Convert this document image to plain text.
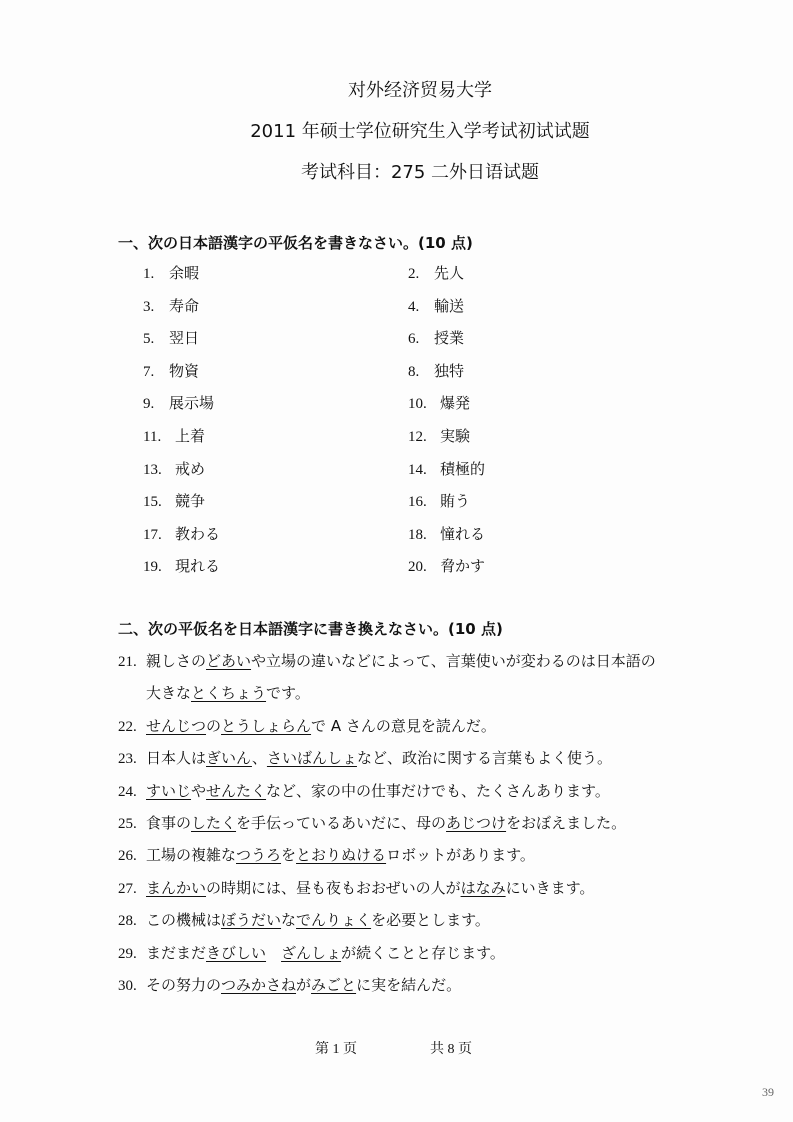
对外经济贸易大学
2011 年硕士学位研究生入学考试初试试题
考试科目：275 二外日语试题
一、次の日本語漢字の平仮名を書きなさい。(10 点)
1. 余暇	2. 先人
3. 寿命	4. 輸送
5. 翌日	6. 授業
7. 物資	8. 独特
9. 展示場	10. 爆発
11. 上着	12. 実験
13. 戒め	14. 積極的
15. 競争	16. 賄う
17. 教わる	18. 憧れる
19. 現れる	20. 脅かす
二、次の平仮名を日本語漢字に書き換えなさい。(10 点)
21. 親しさのどあいや立場の違いなどによって、言葉使いが変わるのは日本語の
大きなとくちょうです。
22. せんじつのとうしょらんで A さんの意見を読んだ。
23. 日本人はぎいん、さいばんしょなど、政治に関する言葉もよく使う。
24. すいじやせんたくなど、家の中の仕事だけでも、たくさんあります。
25. 食事のしたくを手伝っているあいだに、母のあじつけをおぼえました。
26. 工場の複雑なつうろをとおりぬけるロボットがあります。
27. まんかいの時期には、昼も夜もおおぜいの人がはなみにいきます。
28. この機械はぼうだいなでんりょくを必要とします。
29. まだまだきびしい　 ざんしょが続くことと存じます。
30. その努力のつみかさねがみごとに実を結んだ。
第 1 页	共 8 页
39
